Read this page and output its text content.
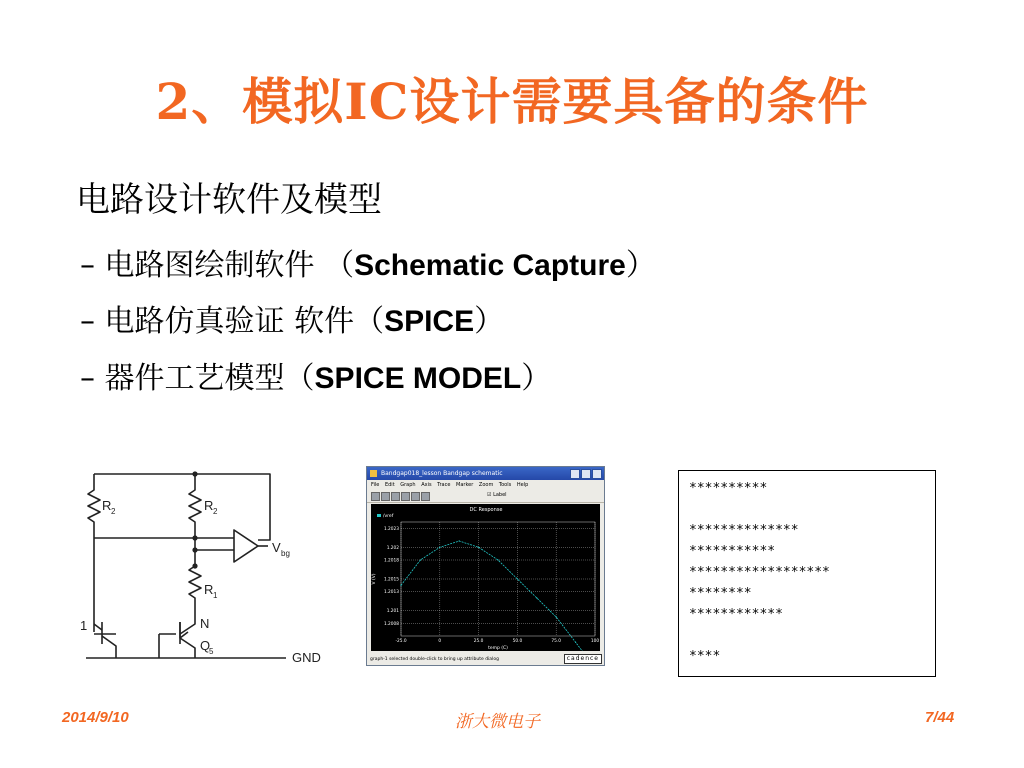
2、模拟IC设计需要具备的条件
电路设计软件及模型
– 电路图绘制软件 （Schematic Capture）
– 电路仿真验证 软件（SPICE）
– 器件工艺模型（SPICE MODEL）
R 2	R 2
R 1
N
1
Q
5
V bg
GND
Bandgap018_lesson Bandgap schematic
File Edit Graph Axis Trace Marker Zoom Tools Help
☑ Label
DC Response
/vref
-25.0	0	25.0	50.0	75.0	100
1.2008
1.201
1.2013
1.2015
1.2018
1.202
1.2023
temp (C)
V (V)
graph-1 selected double-click to bring up attribute dialog	cadence
**********
**************
***********
******************
********
************
****
2014/9/10	浙大微电子	7/44
